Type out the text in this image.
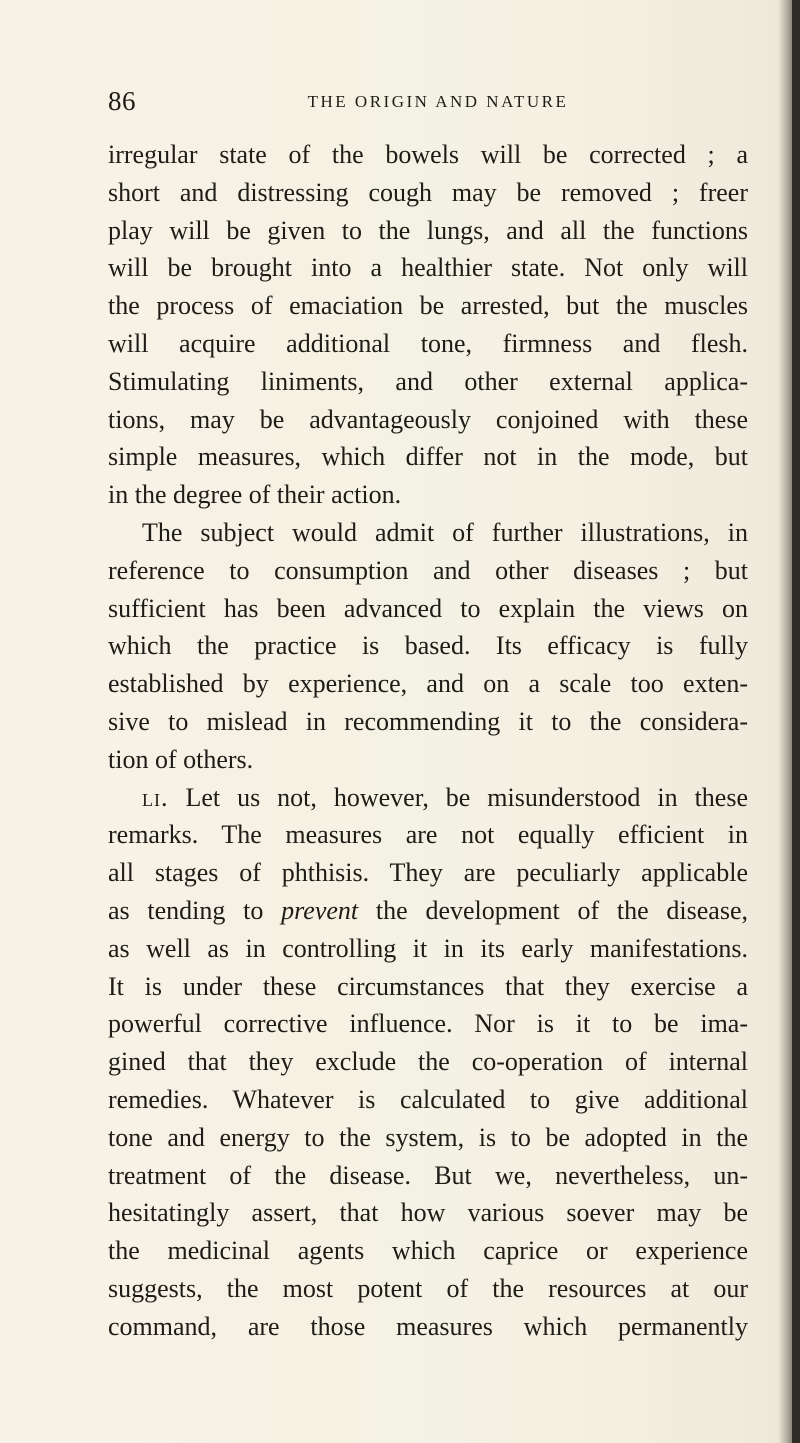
86	THE ORIGIN AND NATURE
irregular state of the bowels will be corrected ; a
short and distressing cough may be removed ; freer
play will be given to the lungs, and all the functions
will be brought into a healthier state. Not only will
the process of emaciation be arrested, but the muscles
will acquire additional tone, firmness and flesh.
Stimulating liniments, and other external applica-
tions, may be advantageously conjoined with these
simple measures, which differ not in the mode, but
in the degree of their action.
The subject would admit of further illustrations, in
reference to consumption and other diseases ; but
sufficient has been advanced to explain the views on
which the practice is based. Its efficacy is fully
established by experience, and on a scale too exten-
sive to mislead in recommending it to the considera-
tion of others.
li. Let us not, however, be misunderstood in these
remarks. The measures are not equally efficient in
all stages of phthisis. They are peculiarly applicable
as tending to prevent the development of the disease,
as well as in controlling it in its early manifestations.
It is under these circumstances that they exercise a
powerful corrective influence. Nor is it to be ima-
gined that they exclude the co-operation of internal
remedies. Whatever is calculated to give additional
tone and energy to the system, is to be adopted in the
treatment of the disease. But we, nevertheless, un-
hesitatingly assert, that how various soever may be
the medicinal agents which caprice or experience
suggests, the most potent of the resources at our
command, are those measures which permanently
